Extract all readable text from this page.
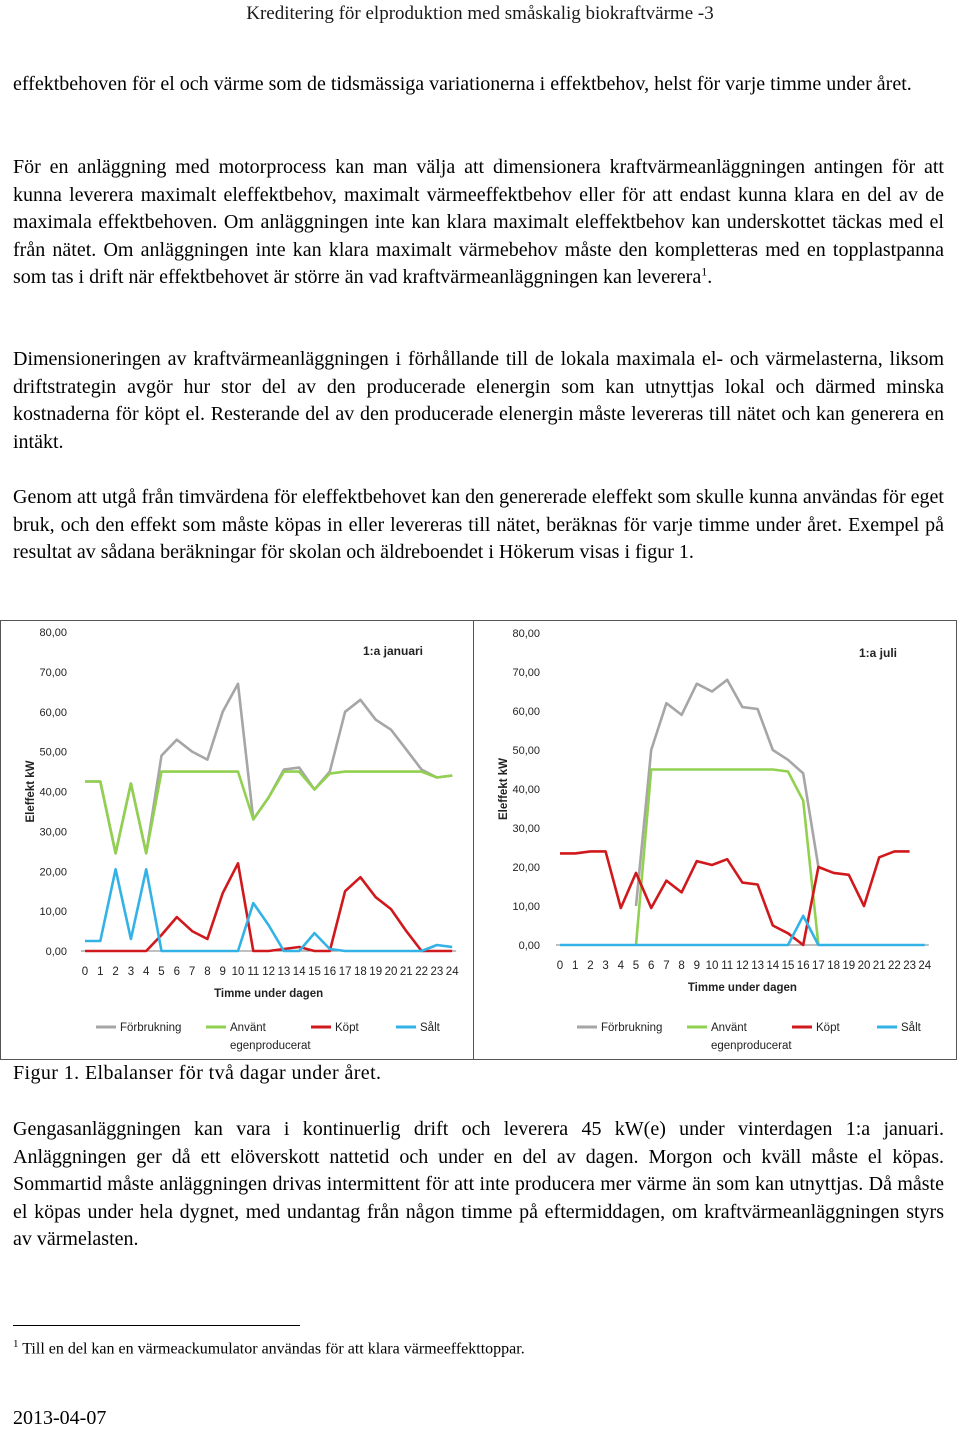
Kreditering för elproduktion med småskalig biokraftvärme -3

effektbehoven för el och värme som de tidsmässiga variationerna i effektbehov, helst för varje timme under året.

För en anläggning med motorprocess kan man välja att dimensionera kraftvärmeanläggningen antingen för att kunna leverera maximalt eleffektbehov, maximalt värmeeffektbehov eller för att endast kunna klara en del av de maximala effektbehoven. Om anläggningen inte kan klara maximalt eleffektbehov kan underskottet täckas med el från nätet. Om anläggningen inte kan klara maximalt värmebehov måste den kompletteras med en topplastpanna som tas i drift när effektbehovet är större än vad kraftvärmeanläggningen kan leverera$^1$.

Dimensioneringen av kraftvärmeanläggningen i förhållande till de lokala maximala el- och värmelasterna, liksom driftstrategin avgör hur stor del av den producerade elenergin som kan utnyttjas lokal och därmed minska kostnaderna för köpt el. Resterande del av den producerade elenergin måste levereras till nätet och kan generera en intäkt.

Genom att utgå från timvärdena för eleffektbehovet kan den genererade eleffekt som skulle kunna användas för eget bruk, och den effekt som måste köpas in eller levereras till nätet, beräknas för varje timme under året. Exempel på resultat av sådana beräkningar för skolan och äldreboendet i Hökerum visas i figur 1.

0,00
10,00
20,00
30,00
40,00
50,00
60,00
70,00
80,00
0 1 2 3 4 5 6 7 8 9 10 11 12 13 14 15 16 17 18 19 20 21 22 23 24
Timme under dagen
Eleffekt kW
1:a januari
Förbrukning	Använt
egenproducerat
Köpt	Sålt
0,00
10,00
20,00
30,00
40,00
50,00
60,00
70,00
80,00
0 1 2 3 4 5 6 7 8 9 10 11 12 13 14 15 16 17 18 19 20 21 22 23 24
Timme under dagen
Eleffekt kW
1:a juli
Förbrukning	Använt
egenproducerat
Köpt	Sålt
Figur 1. Elbalanser för två dagar under året.

Gengasanläggningen kan vara i kontinuerlig drift och leverera 45 kW(e) under vinterdagen 1:a januari. Anläggningen ger då ett elöverskott nattetid och under en del av dagen. Morgon och kväll måste el köpas. Sommartid måste anläggningen drivas intermittent för att inte producera mer värme än som kan utnyttjas. Då måste el köpas under hela dygnet, med undantag från någon timme på eftermiddagen, om kraftvärmeanläggningen styrs av värmelasten.

$^1$ Till en del kan en värmeackumulator användas för att klara värmeeffekttoppar.
2013-04-07
